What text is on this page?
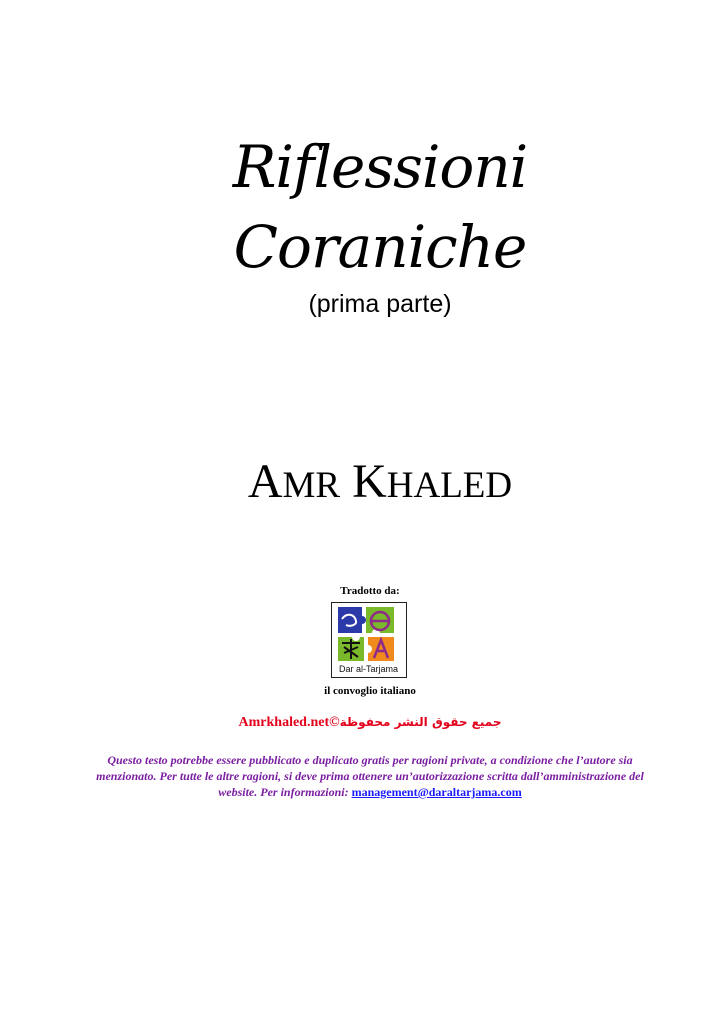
Riflessioni
Coraniche
(prima parte)
AMR KHALED
Tradotto da:
Dar al-Tarjama
il convoglio italiano
Amrkhaled.net©جميع حقوق النشر محفوظة
Questo testo potrebbe essere pubblicato e duplicato gratis per ragioni private, a condizione che l’autore sia menzionato. Per tutte le altre ragioni, si deve prima ottenere un’autorizzazione scritta dall’amministrazione del website. Per informazioni: management@daraltarjama.com
